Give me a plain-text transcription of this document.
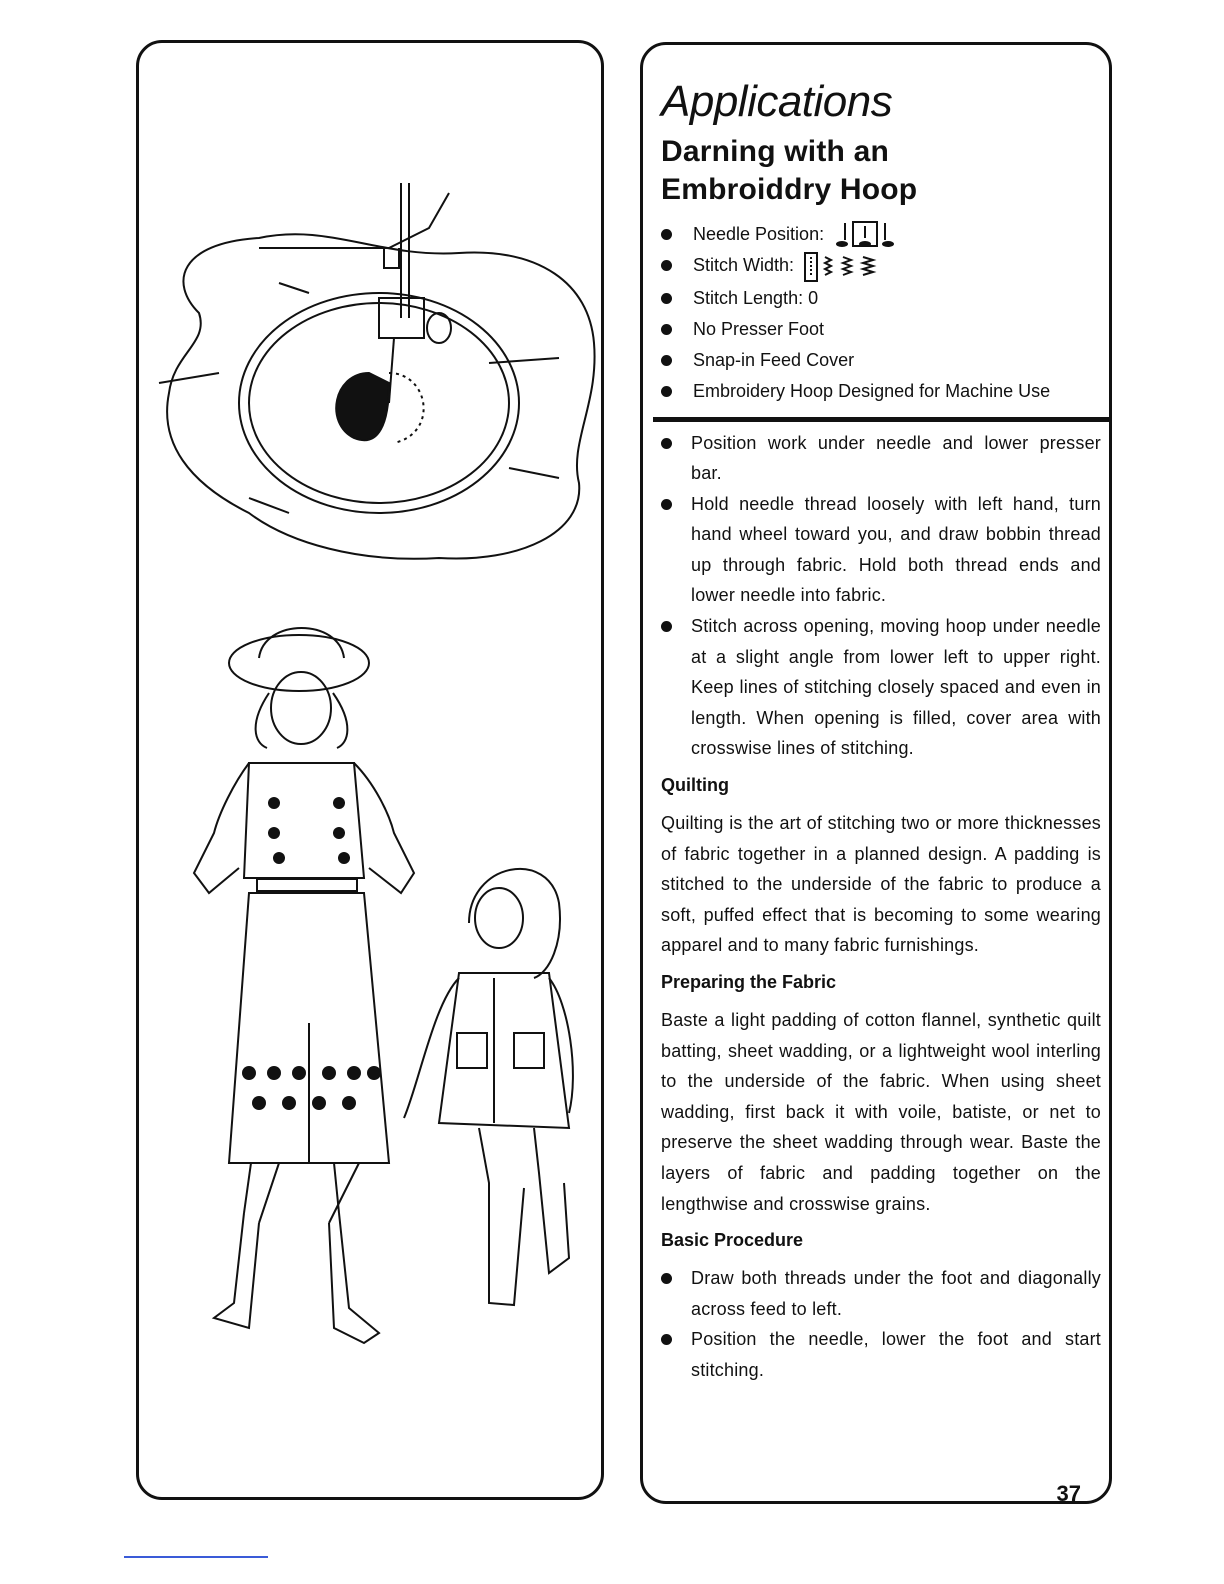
Applications
Darning with an
Embroiddry Hoop
Needle Position:
Stitch Width:
Stitch Length: 0
No Presser Foot
Snap-in Feed Cover
Embroidery Hoop Designed for Machine Use
Position work under needle and lower presser bar.
Hold needle thread loosely with left hand, turn hand wheel toward you, and draw bobbin thread up through fabric. Hold both thread ends and lower needle into fabric.
Stitch across opening, moving hoop under needle at a slight angle from lower left to upper right. Keep lines of stitching closely spaced and even in length. When opening is filled, cover area with crosswise lines of stitching.
Quilting

Quilting is the art of stitching two or more thicknesses of fabric together in a planned design. A padding is stitched to the underside of the fabric to produce a soft, puffed effect that is becoming to some wearing apparel and to many fabric furnishings.

Preparing the Fabric

Baste a light padding of cotton flannel, synthetic quilt batting, sheet wadding, or a lightweight wool interling to the underside of the fabric. When using sheet wadding, first back it with voile, batiste, or net to preserve the sheet wadding through wear. Baste the layers of fabric and padding together on the lengthwise and crosswise grains.

Basic Procedure
Draw both threads under the foot and diagonally across feed to left.
Position the needle, lower the foot and start stitching.
37
